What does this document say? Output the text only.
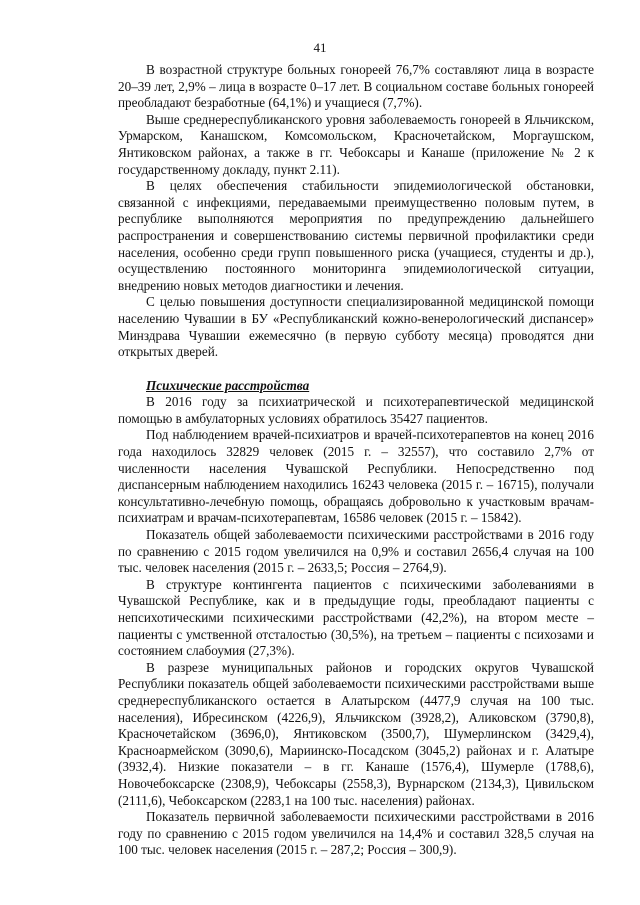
41

В возрастной структуре больных гонореей 76,7% составляют лица в возрасте 20–39 лет, 2,9% – лица в возрасте 0–17 лет. В социальном составе больных гонореей преобладают безработные (64,1%) и учащиеся (7,7%).

Выше среднереспубликанского уровня заболеваемость гонореей в Яльчикском, Урмарском, Канашском, Комсомольском, Красночетайском, Моргаушском, Янтиковском районах, а также в гг. Чебоксары и Канаше (приложение № 2 к государственному докладу, пункт 2.11).

В целях обеспечения стабильности эпидемиологической обстановки, связанной с инфекциями, передаваемыми преимущественно половым путем, в республике выполняются мероприятия по предупреждению дальнейшего распространения и совершенствованию системы первичной профилактики среди населения, особенно среди групп повышенного риска (учащиеся, студенты и др.), осуществлению постоянного мониторинга эпидемиологической ситуации, внедрению новых методов диагностики и лечения.

С целью повышения доступности специализированной медицинской помощи населению Чувашии в БУ «Республиканский кожно-венерологический диспансер» Минздрава Чувашии ежемесячно (в первую субботу месяца) проводятся дни открытых дверей.

Психические расстройства

В 2016 году за психиатрической и психотерапевтической медицинской помощью в амбулаторных условиях обратилось 35427 пациентов.

Под наблюдением врачей-психиатров и врачей-психотерапевтов на конец 2016 года находилось 32829 человек (2015 г. – 32557), что составило 2,7% от численности населения Чувашской Республики. Непосредственно под диспансерным наблюдением находились 16243 человека (2015 г. – 16715), получали консультативно-лечебную помощь, обращаясь добровольно к участковым врачам-психиатрам и врачам-психотерапевтам, 16586 человек (2015 г. – 15842).

Показатель общей заболеваемости психическими расстройствами в 2016 году по сравнению с 2015 годом увеличился на 0,9% и составил 2656,4 случая на 100 тыс. человек населения (2015 г. – 2633,5; Россия – 2764,9).

В структуре контингента пациентов с психическими заболеваниями в Чувашской Республике, как и в предыдущие годы, преобладают пациенты с непсихотическими психическими расстройствами (42,2%), на втором месте – пациенты с умственной отсталостью (30,5%), на третьем – пациенты с психозами и состоянием слабоумия (27,3%).

В разрезе муниципальных районов и городских округов Чувашской Республики показатель общей заболеваемости психическими расстройствами выше среднереспубликанского остается в Алатырском (4477,9 случая на 100 тыс. населения), Ибресинском (4226,9), Яльчикском (3928,2), Аликовском (3790,8), Красночетайском (3696,0), Янтиковском (3500,7), Шумерлинском (3429,4), Красноармейском (3090,6), Мариинско-Посадском (3045,2) районах и г. Алатыре (3932,4). Низкие показатели – в гг. Канаше (1576,4), Шумерле (1788,6), Новочебоксарске (2308,9), Чебоксары (2558,3), Вурнарском (2134,3), Цивильском (2111,6), Чебоксарском (2283,1 на 100 тыс. населения) районах.

Показатель первичной заболеваемости психическими расстройствами в 2016 году по сравнению с 2015 годом увеличился на 14,4% и составил 328,5 случая на 100 тыс. человек населения (2015 г. – 287,2; Россия – 300,9).
